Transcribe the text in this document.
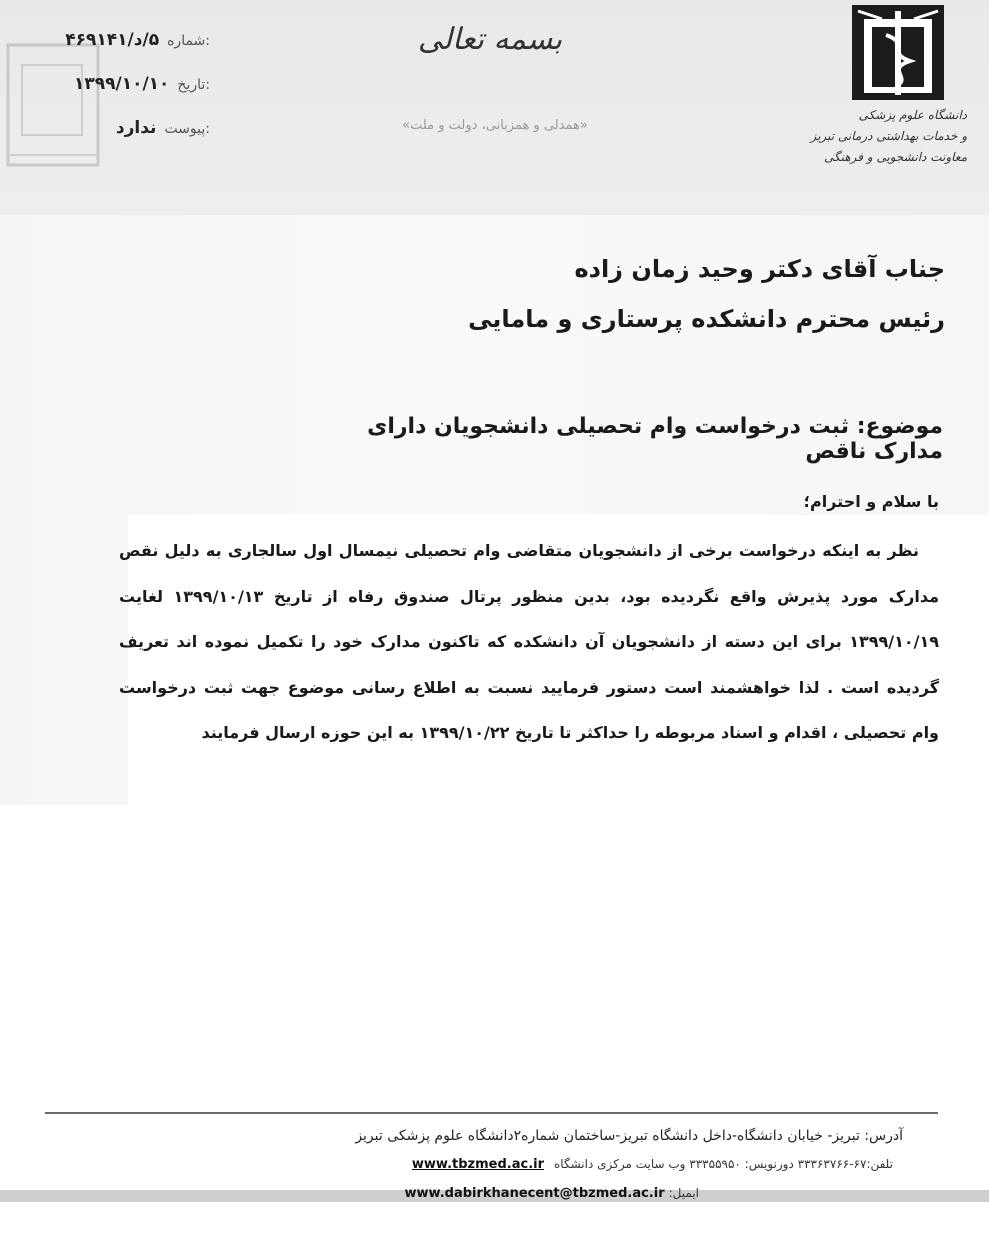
شماره:
۵/د/۴۶۹۱۴۱
تاریخ:
۱۳۹۹/۱۰/۱۰
پیوست:
ندارد
بسمه تعالی
«همدلی و همزبانی، دولت و ملت»
دانشگاه علوم پزشکی
و خدمات بهداشتی درمانی تبریز
معاونت دانشجویی و فرهنگی
جناب آقای دکتر وحید زمان زاده
رئیس محترم دانشکده پرستاری و مامایی
موضوع: ثبت درخواست وام تحصیلی دانشجویان دارای مدارک ناقص
با سلام و احترام؛

نظر به اینکه درخواست برخی از دانشجویان متقاضی وام تحصیلی نیمسال اول سالجاری به دلیل نقص مدارک مورد پذیرش واقع نگردیده بود، بدین منظور پرتال صندوق رفاه از تاریخ ۱۳۹۹/۱۰/۱۳ لغایت ۱۳۹۹/۱۰/۱۹ برای این دسته از دانشجویان آن دانشکده که تاکنون مدارک خود را تکمیل نموده اند تعریف گردیده است . لذا خواهشمند است دستور فرمایید نسبت به اطلاع رسانی موضوع جهت ثبت درخواست وام تحصیلی ، اقدام و اسناد مربوطه را حداکثر تا تاریخ ۱۳۹۹/۱۰/۲۲ به این حوزه ارسال فرمایند

آدرس: تبریز- خیابان دانشگاه-داخل دانشگاه تبریز-ساختمان شماره۲دانشگاه علوم پزشکی تبریز
تلفن:۶۷-۳۳۳۶۳۷۶۶ دورنویس: ۳۳۳۵۵۹۵۰ وب سایت مرکزی دانشگاه
www.tbzmed.ac.ir
ایمیل:
www.dabirkhanecent@tbzmed.ac.ir
